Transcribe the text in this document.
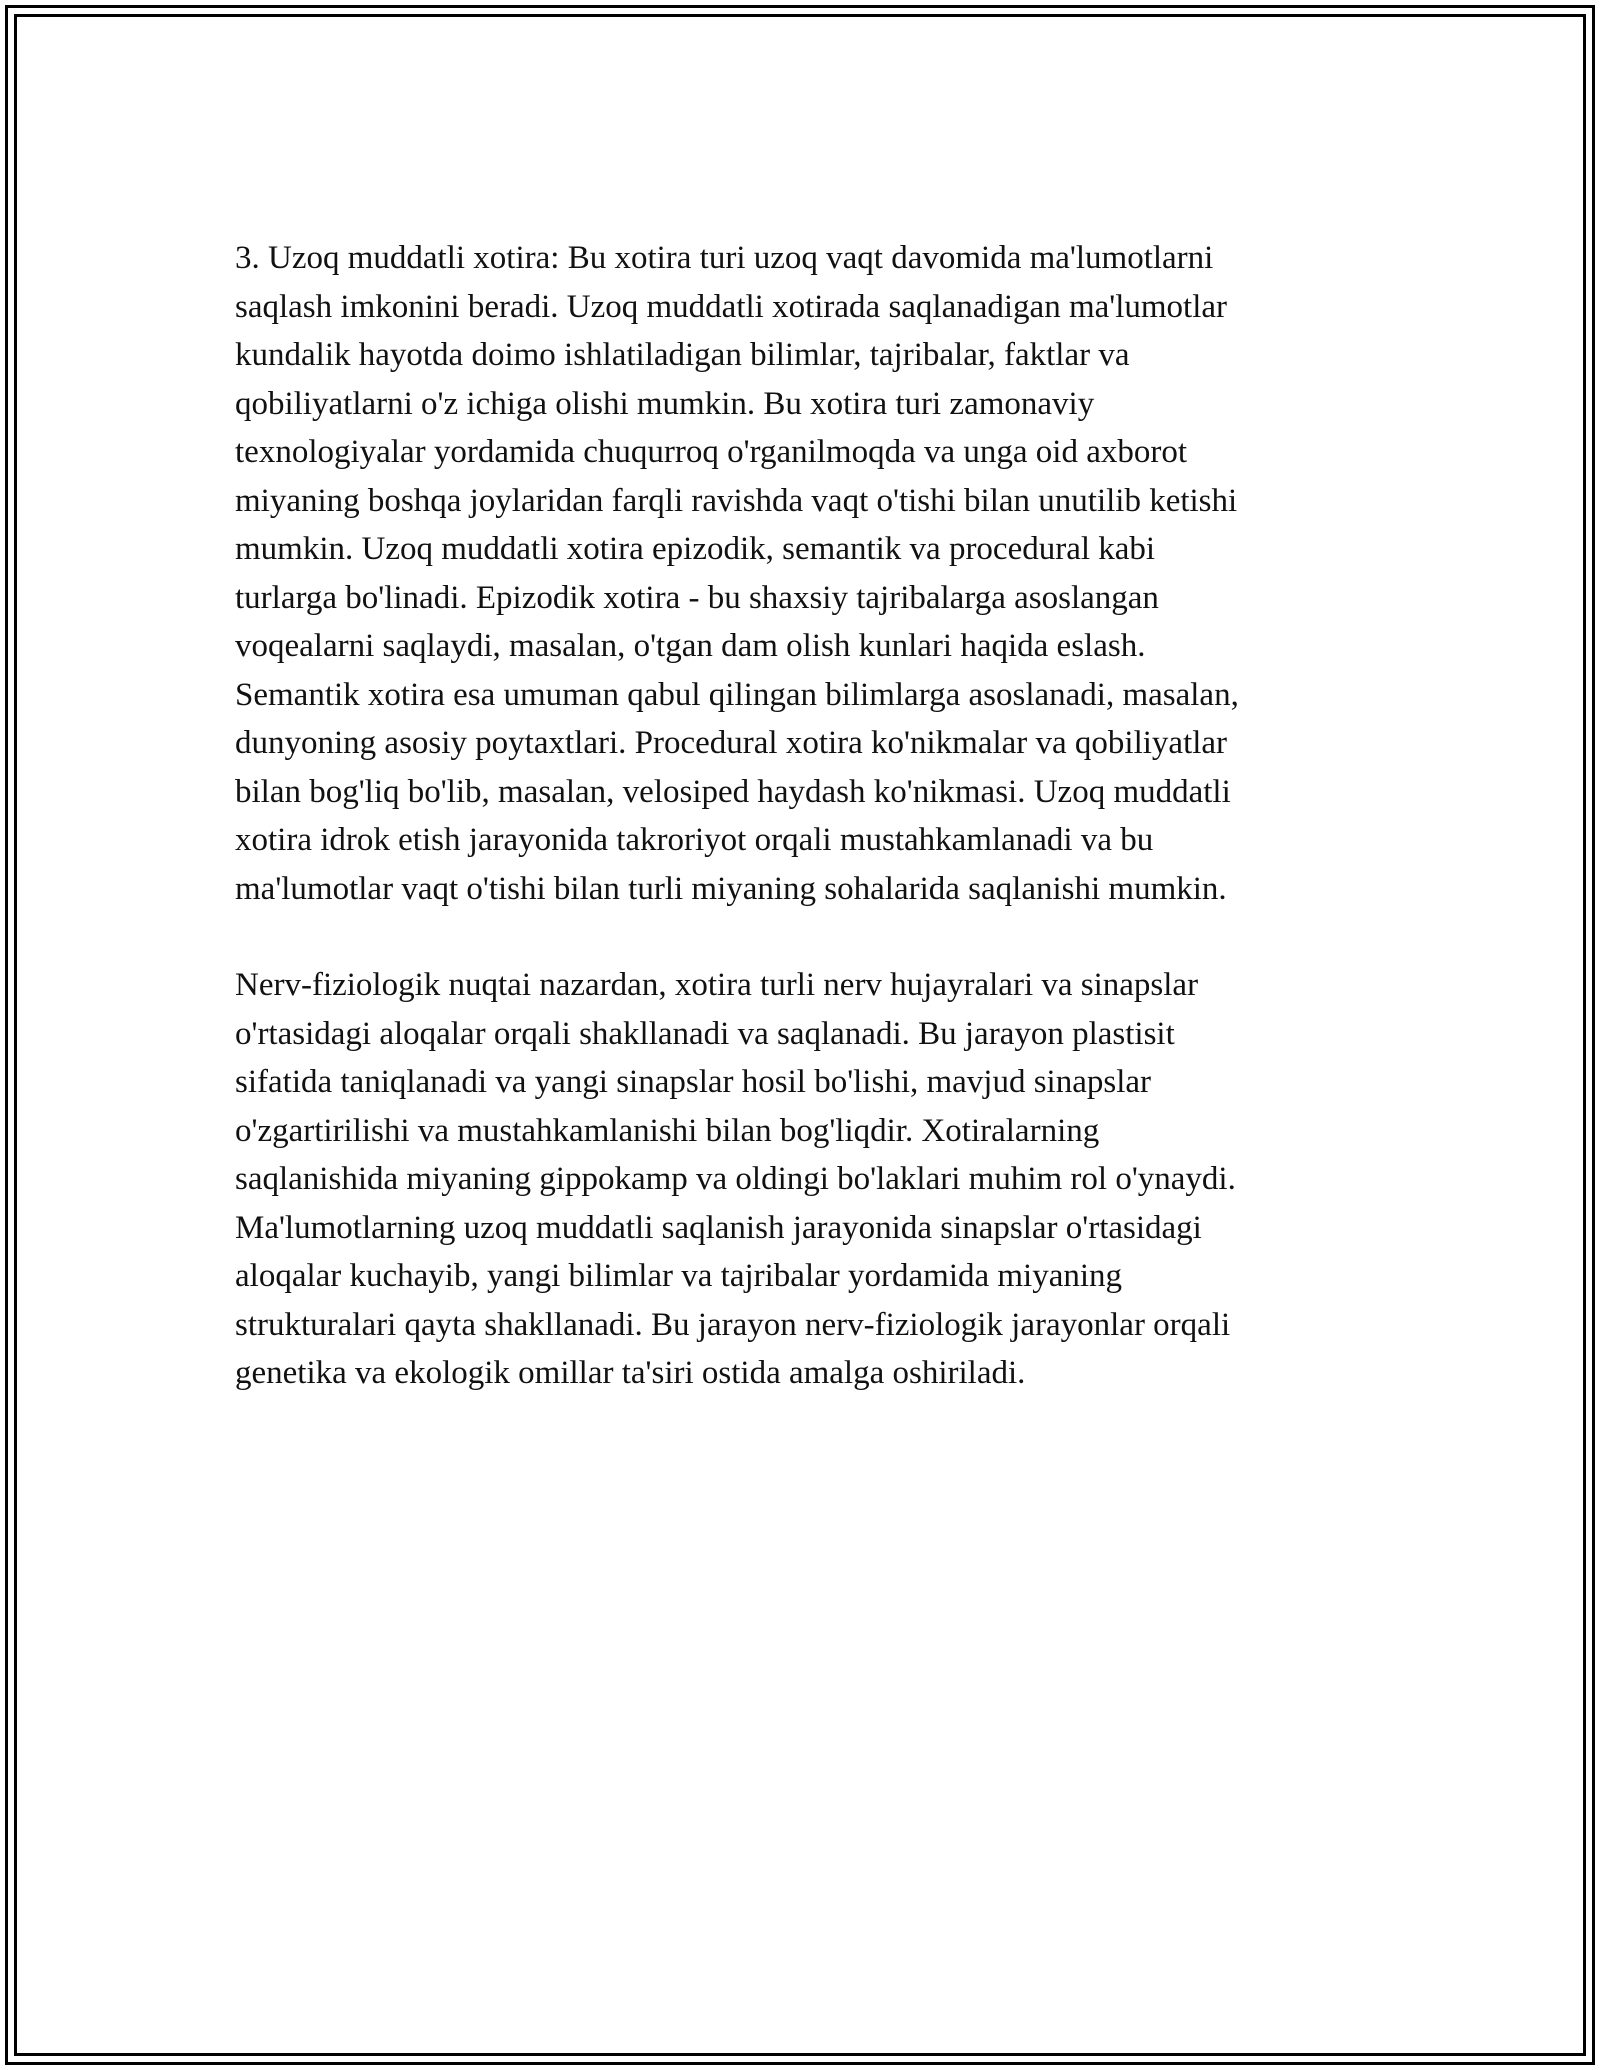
3. Uzoq muddatli xotira: Bu xotira turi uzoq vaqt davomida ma'lumotlarni
saqlash imkonini beradi. Uzoq muddatli xotirada saqlanadigan ma'lumotlar
kundalik hayotda doimo ishlatiladigan bilimlar, tajribalar, faktlar va
qobiliyatlarni o'z ichiga olishi mumkin. Bu xotira turi zamonaviy
texnologiyalar yordamida chuqurroq o'rganilmoqda va unga oid axborot
miyaning boshqa joylaridan farqli ravishda vaqt o'tishi bilan unutilib ketishi
mumkin. Uzoq muddatli xotira epizodik, semantik va procedural kabi
turlarga bo'linadi. Epizodik xotira - bu shaxsiy tajribalarga asoslangan
voqealarni saqlaydi, masalan, o'tgan dam olish kunlari haqida eslash.
Semantik xotira esa umuman qabul qilingan bilimlarga asoslanadi, masalan,
dunyoning asosiy poytaxtlari. Procedural xotira ko'nikmalar va qobiliyatlar
bilan bog'liq bo'lib, masalan, velosiped haydash ko'nikmasi. Uzoq muddatli
xotira idrok etish jarayonida takroriyot orqali mustahkamlanadi va bu
ma'lumotlar vaqt o'tishi bilan turli miyaning sohalarida saqlanishi mumkin.

Nerv-fiziologik nuqtai nazardan, xotira turli nerv hujayralari va sinapslar
o'rtasidagi aloqalar orqali shakllanadi va saqlanadi. Bu jarayon plastisit
sifatida taniqlanadi va yangi sinapslar hosil bo'lishi, mavjud sinapslar
o'zgartirilishi va mustahkamlanishi bilan bog'liqdir. Xotiralarning
saqlanishida miyaning gippokamp va oldingi bo'laklari muhim rol o'ynaydi.
Ma'lumotlarning uzoq muddatli saqlanish jarayonida sinapslar o'rtasidagi
aloqalar kuchayib, yangi bilimlar va tajribalar yordamida miyaning
strukturalari qayta shakllanadi. Bu jarayon nerv-fiziologik jarayonlar orqali
genetika va ekologik omillar ta'siri ostida amalga oshiriladi.
